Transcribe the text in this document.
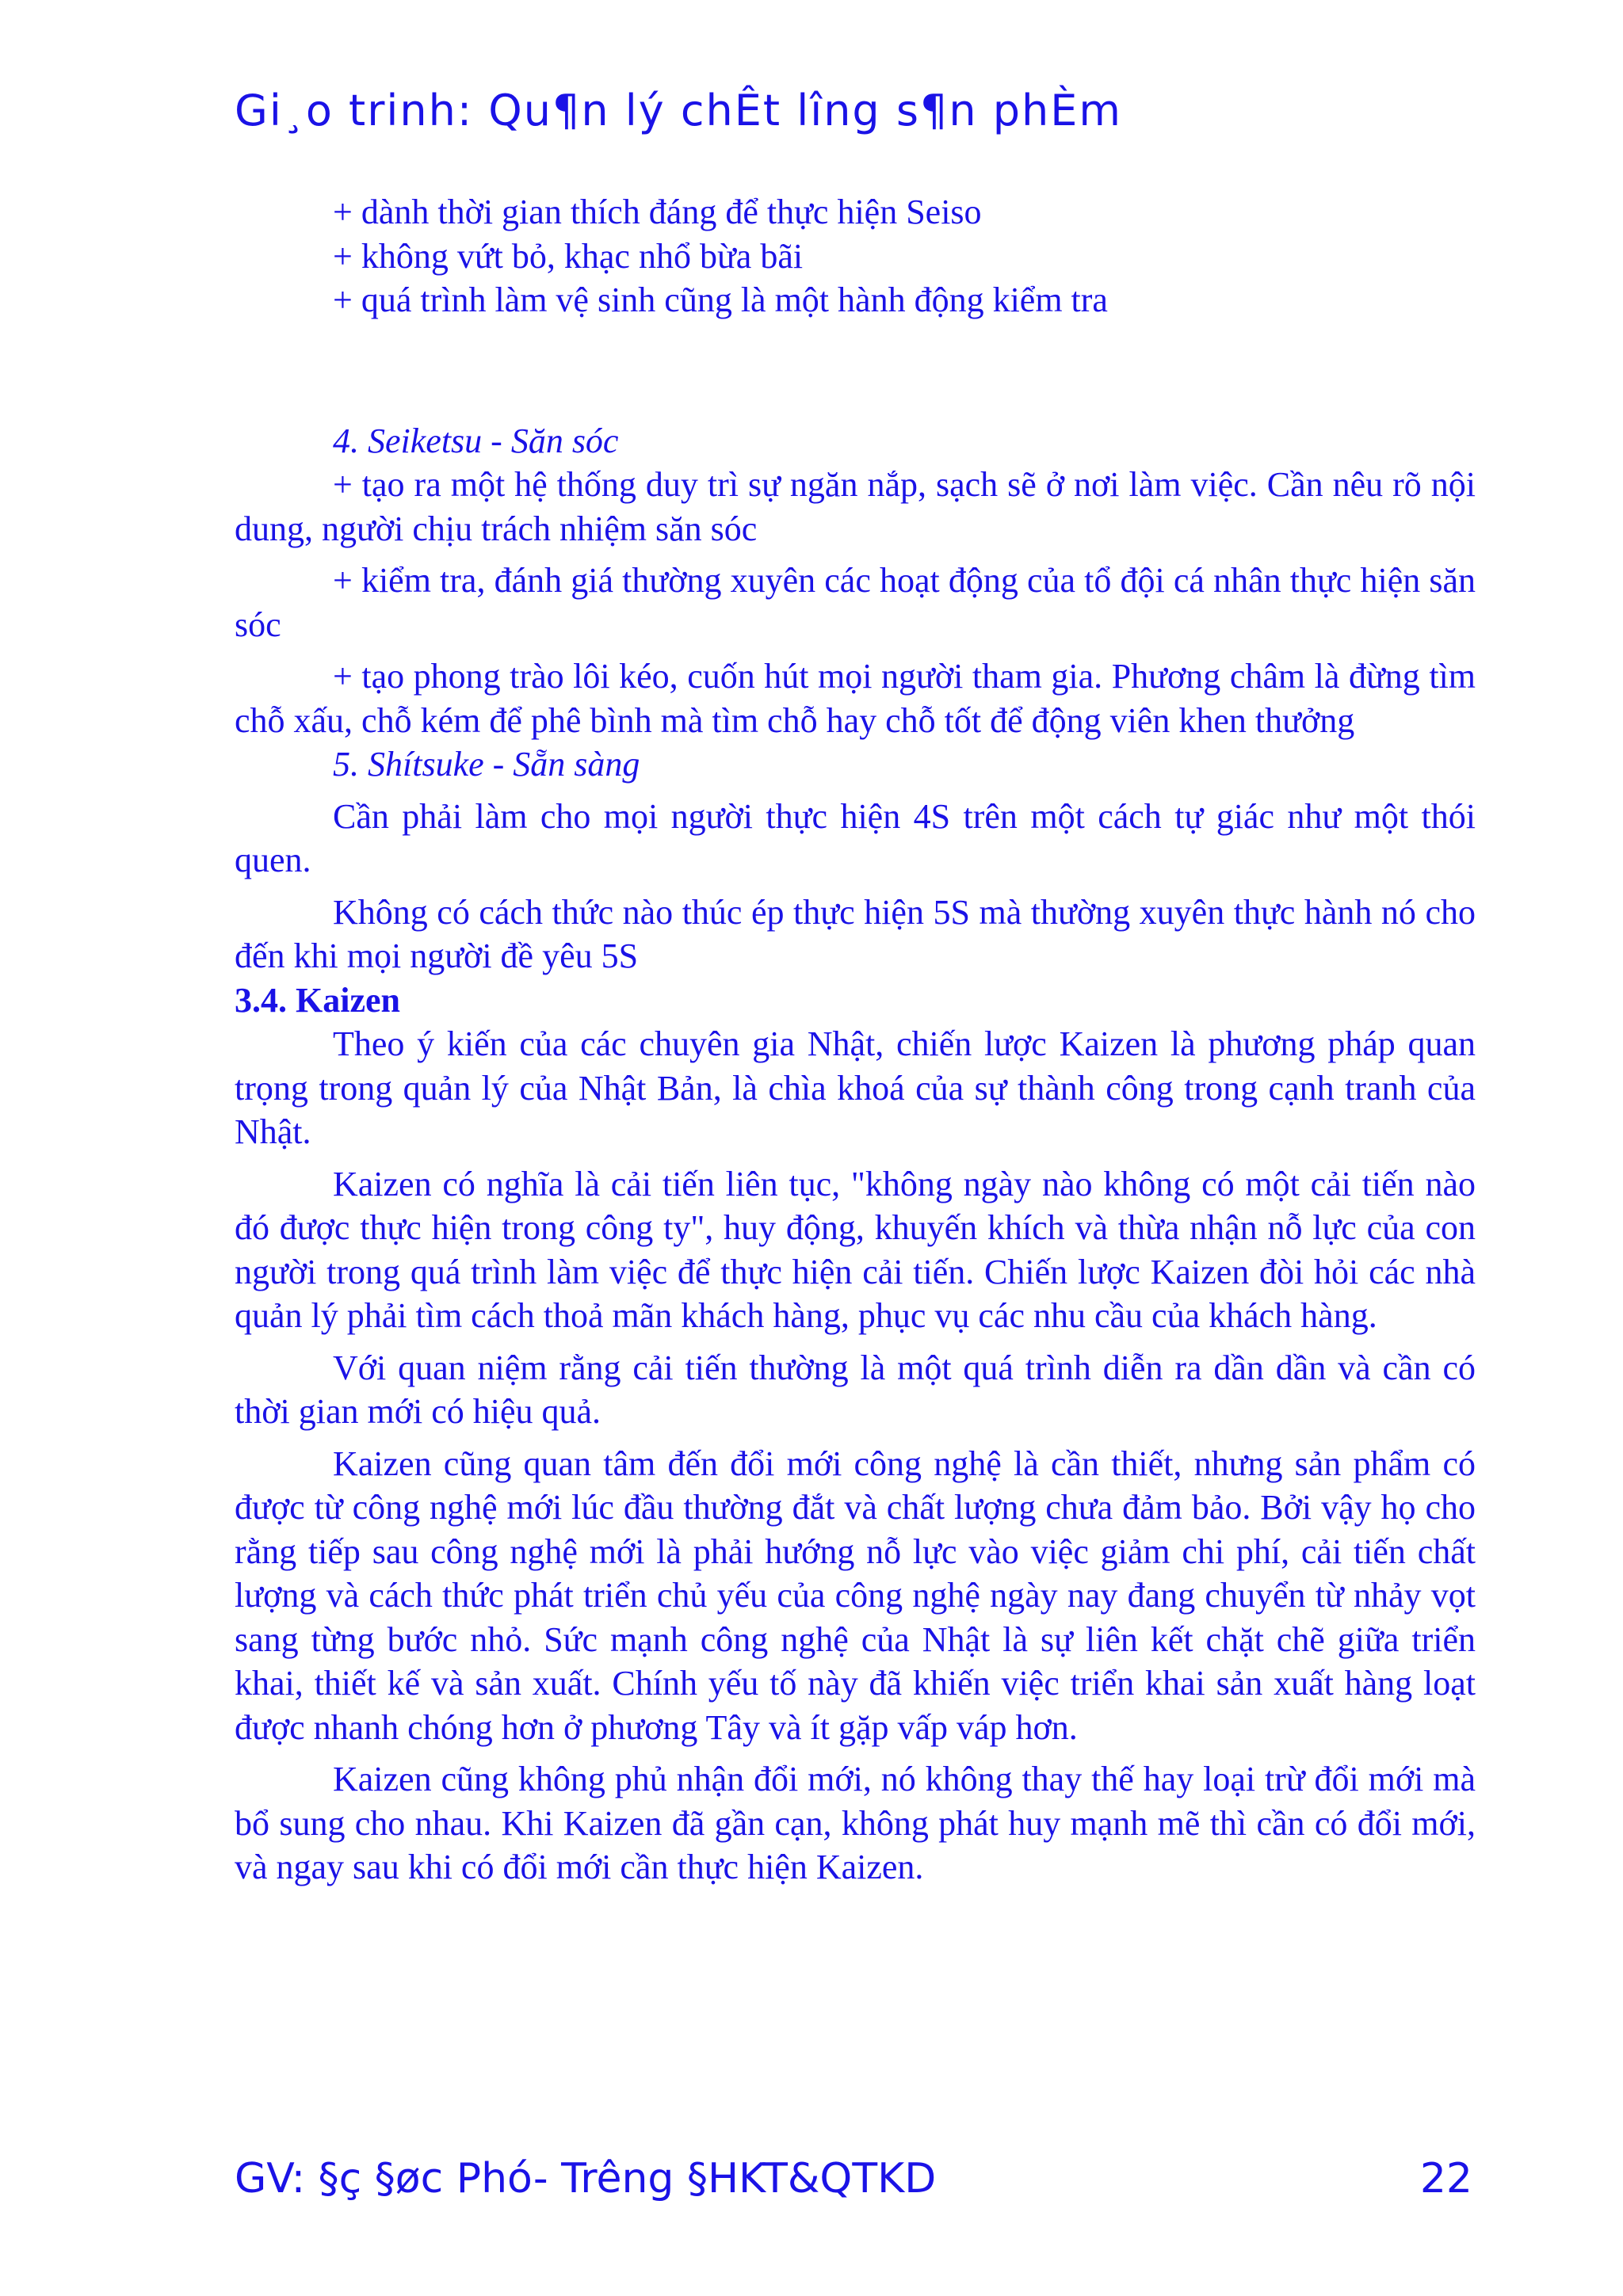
Gi¸o trinh: Qu¶n lý chÊt lîng s¶n phÈm

+ dành thời gian thích đáng để thực hiện Seiso

+ không vứt bỏ, khạc nhổ bừa bãi

+ quá trình làm vệ sinh cũng là một hành động kiểm tra

4. Seiketsu - Săn sóc

+ tạo ra một hệ thống duy trì sự ngăn nắp, sạch sẽ ở nơi làm việc. Cần nêu rõ nội dung, người chịu trách nhiệm săn sóc

+ kiểm tra, đánh giá thường xuyên các hoạt động của tổ đội cá nhân thực hiện săn sóc

+ tạo phong trào lôi kéo, cuốn hút mọi người tham gia. Phương châm là đừng tìm chỗ xấu, chỗ kém để phê bình mà tìm chỗ hay chỗ tốt để động viên khen thưởng

5. Shítsuke - Sẵn sàng

Cần phải làm cho mọi người thực hiện 4S trên một cách tự giác như một thói quen.

Không có cách thức nào thúc ép thực hiện 5S mà thường xuyên thực hành nó cho đến khi mọi người đề yêu 5S

3.4. Kaizen

Theo ý kiến của các chuyên gia Nhật, chiến lược Kaizen là phương pháp quan trọng trong quản lý của Nhật Bản, là chìa khoá của sự thành công trong cạnh tranh của Nhật.

Kaizen có nghĩa là cải tiến liên tục, "không ngày nào không có một cải tiến nào đó được thực hiện trong công ty", huy động, khuyến khích và thừa nhận nỗ lực của con người trong quá trình làm việc để thực hiện cải tiến. Chiến lược Kaizen đòi hỏi các nhà quản lý phải tìm cách thoả mãn khách hàng, phục vụ các nhu cầu của khách hàng.

Với quan niệm rằng cải tiến thường là một quá trình diễn ra dần dần và cần có thời gian mới có hiệu quả.

Kaizen cũng quan tâm đến đổi mới công nghệ là cần thiết, nhưng sản phẩm có được từ công nghệ mới lúc đầu thường đắt và chất lượng chưa đảm bảo. Bởi vậy họ cho rằng tiếp sau công nghệ mới là phải hướng nỗ lực vào việc giảm chi phí, cải tiến chất lượng và cách thức phát triển chủ yếu của công nghệ ngày nay đang chuyển từ nhảy vọt sang từng bước nhỏ. Sức mạnh công nghệ của Nhật là sự liên kết chặt chẽ giữa triển khai, thiết kế và sản xuất. Chính yếu tố này đã khiến việc triển khai sản xuất hàng loạt được nhanh chóng hơn ở phương Tây và ít gặp vấp váp hơn.

Kaizen cũng không phủ nhận đổi mới, nó không thay thế hay loại trừ đổi mới mà bổ sung cho nhau. Khi Kaizen đã gần cạn, không phát huy mạnh mẽ thì cần có đổi mới, và ngay sau khi có đổi mới cần thực hiện Kaizen.

GV: §ç §øc Phó- Trêng §HKT&QTKD	22
